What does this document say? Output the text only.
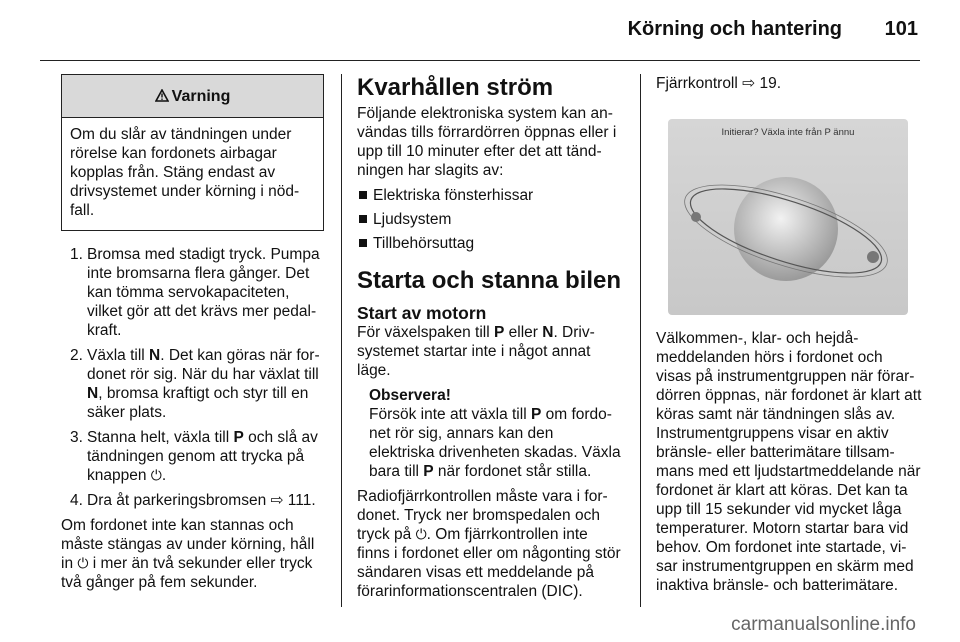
Körning och hantering 101
Varning
Om du slår av tändningen under rörelse kan fordonets airbagar kopplas från. Stäng endast av drivsystemet under körning i nöd-fall.
1. Bromsa med stadigt tryck. Pumpa inte bromsarna flera gånger. Det kan tömma servokapaciteten, vilket gör att det krävs mer pedal-kraft.
2. Växla till N. Det kan göras när for-donet rör sig. När du har växlat till N, bromsa kraftigt och styr till en säker plats.
3. Stanna helt, växla till P och slå av tändningen genom att trycka på knappen ⏻.
4. Dra åt parkeringsbromsen ⇨ 111.

Om fordonet inte kan stannas och måste stängas av under körning, håll in ⏻ i mer än två sekunder eller tryck två gånger på fem sekunder.

Kvarhållen ström

Följande elektroniska system kan an-vändas tills förrardörren öppnas eller i upp till 10 minuter efter det att tänd-ningen har slagits av:

Elektriska fönsterhissar
Ljudsystem
Tillbehörsuttag
Starta och stanna bilen
Start av motorn

För växelspaken till P eller N. Driv-systemet startar inte i något annat läge.

Observera!

Försök inte att växla till P om fordo-net rör sig, annars kan den elektriska drivenheten skadas. Växla bara till P när fordonet står stilla.

Radiofjärrkontrollen måste vara i for-donet. Tryck ner bromspedalen och tryck på ⏻. Om fjärrkontrollen inte finns i fordonet eller om någonting stör sändaren visas ett meddelande på förarinformationscentralen (DIC).

Fjärrkontroll ⇨ 19.

Initierar? Växla inte från P ännu

Välkommen-, klar- och hejdå-meddelanden hörs i fordonet och visas på instrumentgruppen när förar-dörren öppnas, när fordonet är klart att köras samt när tändningen slås av. Instrumentgruppens visar en aktiv bränsle- eller batterimätare tillsam-mans med ett ljudstartmeddelande när fordonet är klart att köras. Det kan ta upp till 15 sekunder vid mycket låga temperaturer. Motorn startar bara vid behov. Om fordonet inte startade, vi-sar instrumentgruppen en skärm med inaktiva bränsle- och batterimätare.

carmanualsonline.info
